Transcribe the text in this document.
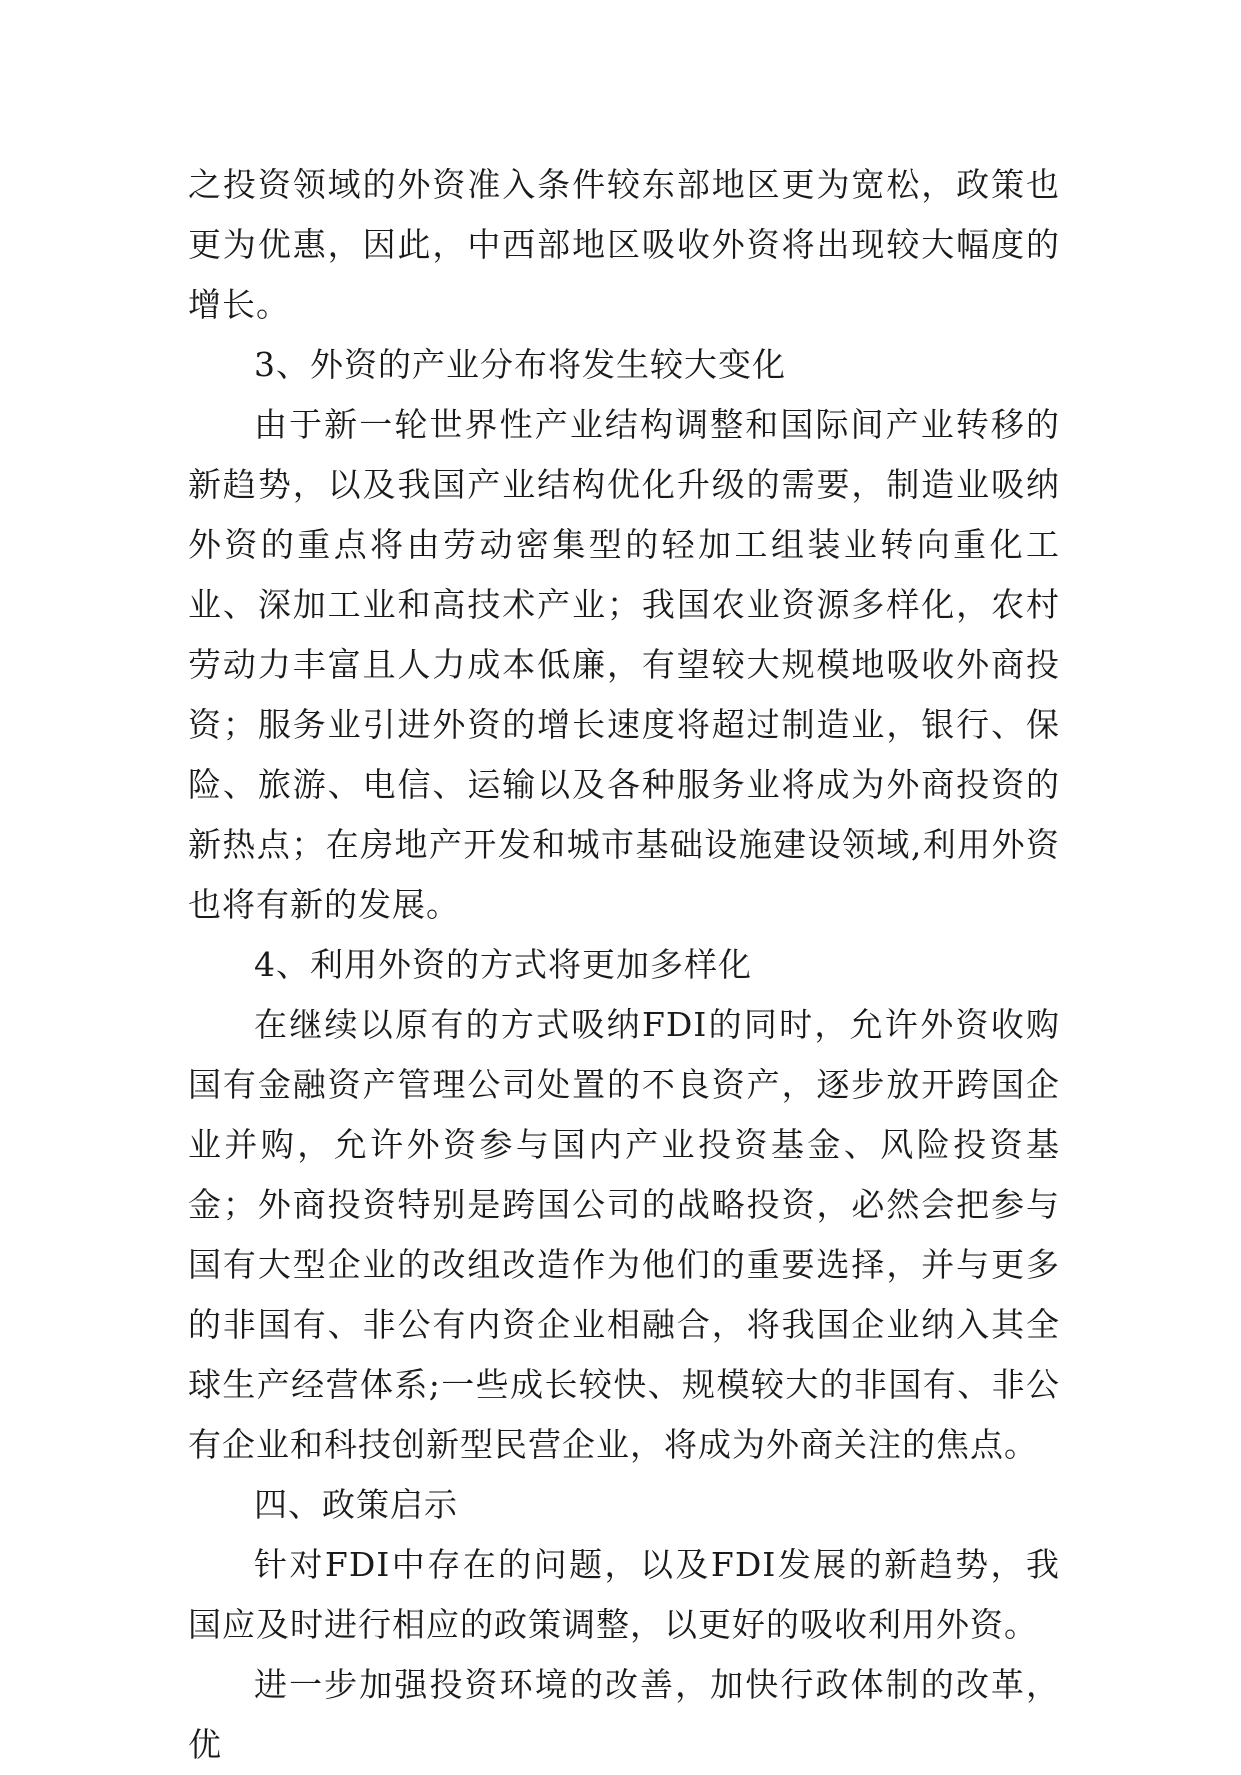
之投资领域的外资准入条件较东部地区更为宽松，政策也更为优惠，因此，中西部地区吸收外资将出现较大幅度的增长。

3、外资的产业分布将发生较大变化

由于新一轮世界性产业结构调整和国际间产业转移的新趋势，以及我国产业结构优化升级的需要，制造业吸纳外资的重点将由劳动密集型的轻加工组装业转向重化工业、深加工业和高技术产业；我国农业资源多样化，农村劳动力丰富且人力成本低廉，有望较大规模地吸收外商投资；服务业引进外资的增长速度将超过制造业，银行、保险、旅游、电信、运输以及各种服务业将成为外商投资的新热点；在房地产开发和城市基础设施建设领域,利用外资也将有新的发展。

4、利用外资的方式将更加多样化

在继续以原有的方式吸纳FDI的同时，允许外资收购国有金融资产管理公司处置的不良资产，逐步放开跨国企业并购，允许外资参与国内产业投资基金、风险投资基金；外商投资特别是跨国公司的战略投资，必然会把参与国有大型企业的改组改造作为他们的重要选择，并与更多的非国有、非公有内资企业相融合，将我国企业纳入其全球生产经营体系;一些成长较快、规模较大的非国有、非公有企业和科技创新型民营企业，将成为外商关注的焦点。

四、政策启示

针对FDI中存在的问题，以及FDI发展的新趋势，我国应及时进行相应的政策调整，以更好的吸收利用外资。

进一步加强投资环境的改善，加快行政体制的改革，优
